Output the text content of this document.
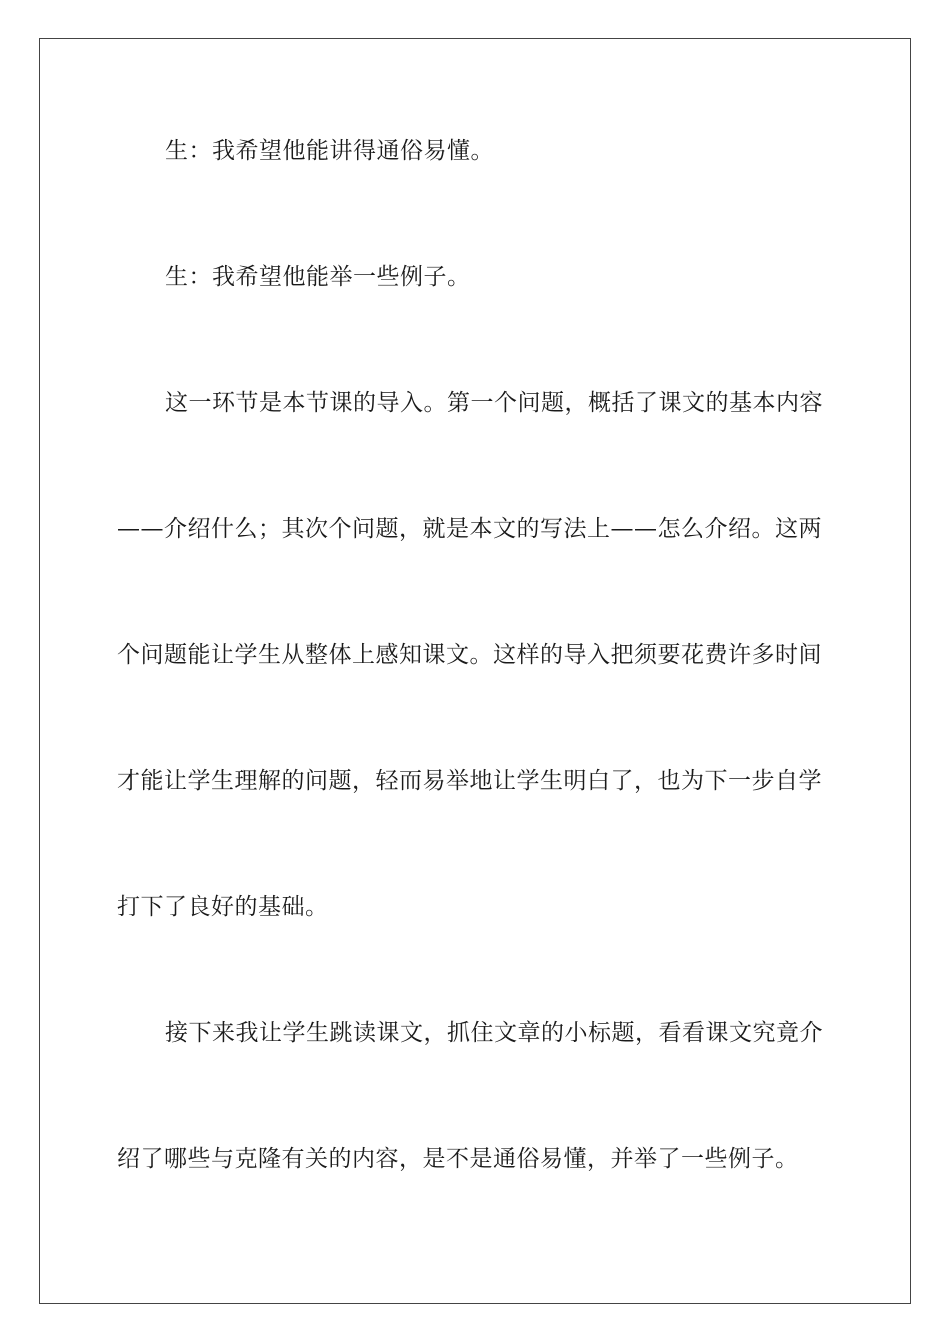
生：我希望他能讲得通俗易懂。
生：我希望他能举一些例子。
这一环节是本节课的导入。第一个问题，概括了课文的基本内容
——介绍什么；其次个问题，就是本文的写法上——怎么介绍。这两
个问题能让学生从整体上感知课文。这样的导入把须要花费许多时间
才能让学生理解的问题，轻而易举地让学生明白了，也为下一步自学
打下了良好的基础。
接下来我让学生跳读课文，抓住文章的小标题，看看课文究竟介
绍了哪些与克隆有关的内容，是不是通俗易懂，并举了一些例子。
